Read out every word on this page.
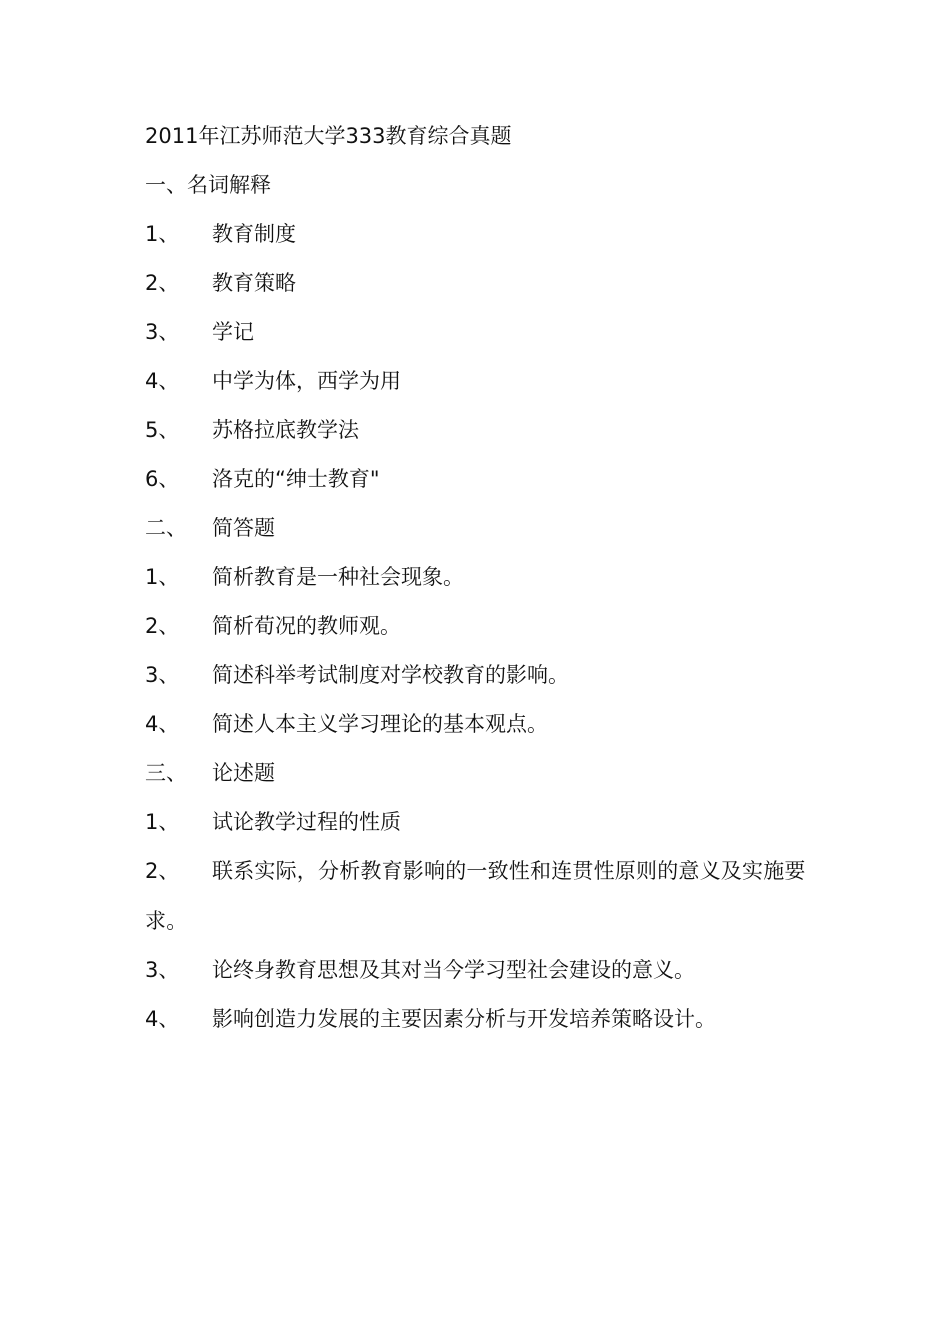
2011年江苏师范大学333教育综合真题
一、名词解释
1、	教育制度
2、	教育策略
3、	学记
4、	中学为体，西学为用
5、	苏格拉底教学法
6、	洛克的“绅士教育"
二、	简答题
1、	简析教育是一种社会现象。
2、	简析荀况的教师观。
3、	简述科举考试制度对学校教育的影响。
4、	简述人本主义学习理论的基本观点。
三、	论述题
1、	试论教学过程的性质
2、 联系实际，分析教育影响的一致性和连贯性原则的意义及实施要求。
3、	论终身教育思想及其对当今学习型社会建设的意义。
4、	影响创造力发展的主要因素分析与开发培养策略设计。
